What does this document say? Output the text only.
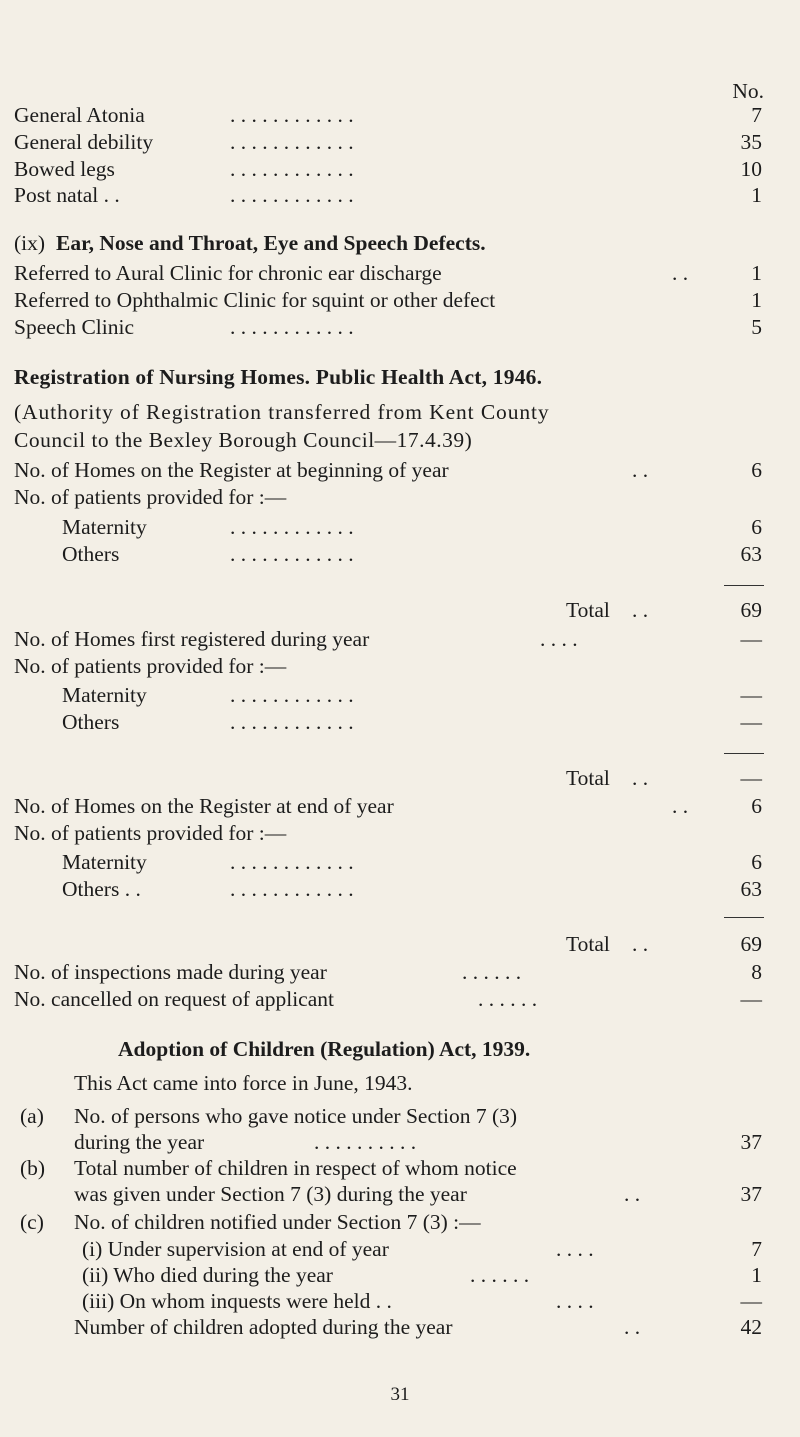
No.
General Atonia	. . . . . . . . . . . .	7
General debility	. . . . . . . . . . . .	35
Bowed legs	. . . . . . . . . . . .	10
Post natal . .	. . . . . . . . . . . .	1
(ix) Ear, Nose and Throat, Eye and Speech Defects.
Referred to Aural Clinic for chronic ear discharge	. .	1
Referred to Ophthalmic Clinic for squint or other defect	1
Speech Clinic	. . . . . . . . . . . .	5
Registration of Nursing Homes. Public Health Act, 1946.
(Authority of Registration transferred from Kent County
Council to the Bexley Borough Council—17.4.39)
No. of Homes on the Register at beginning of year	. .	6
No. of patients provided for :—
Maternity	. . . . . . . . . . . .	6
Others	. . . . . . . . . . . .	63
Total . .	69
No. of Homes first registered during year	. . . .	—
No. of patients provided for :—
Maternity	. . . . . . . . . . . .	—
Others	. . . . . . . . . . . .	—
Total . .	—
No. of Homes on the Register at end of year	. .	6
No. of patients provided for :—
Maternity	. . . . . . . . . . . .	6
Others . .	. . . . . . . . . . . .	63
Total . .	69
No. of inspections made during year	. . . . . .	8
No. cancelled on request of applicant	. . . . . .	—
Adoption of Children (Regulation) Act, 1939.
This Act came into force in June, 1943.
(a) No. of persons who gave notice under Section 7 (3)
during the year	. . . . . . . . . .	37
(b) Total number of children in respect of whom notice
was given under Section 7 (3) during the year	. .	37
(c) No. of children notified under Section 7 (3) :—
(i) Under supervision at end of year	. . . .	7
(ii) Who died during the year	. . . . . .	1
(iii) On whom inquests were held . .	. . . .	—
Number of children adopted during the year	. .	42
31
